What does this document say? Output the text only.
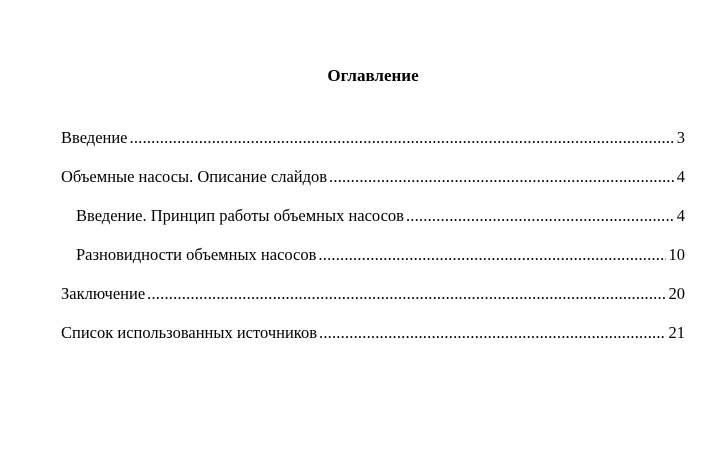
Оглавление
Введение .....	3
Объемные насосы. Описание слайдов .....	4
Введение. Принцип работы объемных насосов .....	4
Разновидности объемных насосов .....	10
Заключение .....	20
Список использованных источников .....	21
